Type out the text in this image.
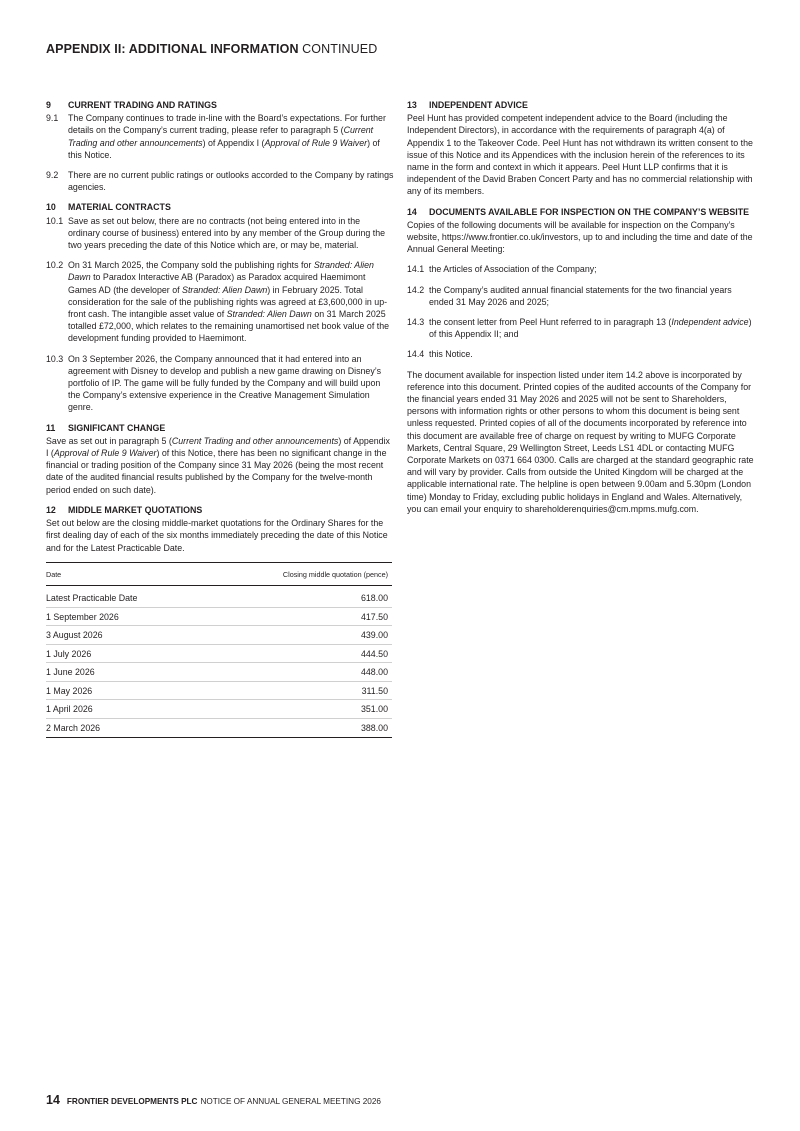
APPENDIX II: ADDITIONAL INFORMATION CONTINUED
9	CURRENT TRADING AND RATINGS
9.1	The Company continues to trade in-line with the Board’s expectations. For further details on the Company’s current trading, please refer to paragraph 5 (Current Trading and other announcements) of Appendix I (Approval of Rule 9 Waiver) of this Notice.
9.2	There are no current public ratings or outlooks accorded to the Company by ratings agencies.
10	MATERIAL CONTRACTS
10.1 Save as set out below, there are no contracts (not being entered into in the ordinary course of business) entered into by any member of the Group during the two years preceding the date of this Notice which are, or may be, material.
10.2 On 31 March 2025, the Company sold the publishing rights for Stranded: Alien Dawn to Paradox Interactive AB (Paradox) as Paradox acquired Haemimont Games AD (the developer of Stranded: Alien Dawn) in February 2025. Total consideration for the sale of the publishing rights was agreed at £3,600,000 in up-front cash. The intangible asset value of Stranded: Alien Dawn on 31 March 2025 totalled £72,000, which relates to the remaining unamortised net book value of the development funding provided to Haemimont.
10.3 On 3 September 2026, the Company announced that it had entered into an agreement with Disney to develop and publish a new game drawing on Disney’s portfolio of IP. The game will be fully funded by the Company and will build upon the Company’s extensive experience in the Creative Management Simulation genre.
11	SIGNIFICANT CHANGE
Save as set out in paragraph 5 (Current Trading and other announcements) of Appendix I (Approval of Rule 9 Waiver) of this Notice, there has been no significant change in the financial or trading position of the Company since 31 May 2026 (being the most recent date of the audited financial results published by the Company for the twelve-month period ended on such date).
12	MIDDLE MARKET QUOTATIONS
Set out below are the closing middle-market quotations for the Ordinary Shares for the first dealing day of each of the six months immediately preceding the date of this Notice and for the Latest Practicable Date.
Date	Closing middle quotation (pence)
Latest Practicable Date	618.00
1 September 2026	417.50
3 August 2026	439.00
1 July 2026	444.50
1 June 2026	448.00
1 May 2026	311.50
1 April 2026	351.00
2 March 2026	388.00
13	INDEPENDENT ADVICE
Peel Hunt has provided competent independent advice to the Board (including the Independent Directors), in accordance with the requirements of paragraph 4(a) of Appendix 1 to the Takeover Code. Peel Hunt has not withdrawn its written consent to the issue of this Notice and its Appendices with the inclusion herein of the references to its name in the form and context in which it appears. Peel Hunt LLP confirms that it is independent of the David Braben Concert Party and has no commercial relationship with any of its members.
14	DOCUMENTS AVAILABLE FOR INSPECTION ON THE COMPANY’S WEBSITE
Copies of the following documents will be available for inspection on the Company’s website, https://www.frontier.co.uk/investors, up to and including the time and date of the Annual General Meeting:
14.1 the Articles of Association of the Company;
14.2 the Company’s audited annual financial statements for the two financial years ended 31 May 2026 and 2025;
14.3 the consent letter from Peel Hunt referred to in paragraph 13 (Independent advice) of this Appendix II; and
14.4 this Notice.
The document available for inspection listed under item 14.2 above is incorporated by reference into this document. Printed copies of the audited accounts of the Company for the financial years ended 31 May 2026 and 2025 will not be sent to Shareholders, persons with information rights or other persons to whom this document is being sent unless requested. Printed copies of all of the documents incorporated by reference into this document are available free of charge on request by writing to MUFG Corporate Markets, Central Square, 29 Wellington Street, Leeds LS1 4DL or contacting MUFG Corporate Markets on 0371 664 0300. Calls are charged at the standard geographic rate and will vary by provider. Calls from outside the United Kingdom will be charged at the applicable international rate. The helpline is open between 9.00am and 5.30pm (London time) Monday to Friday, excluding public holidays in England and Wales. Alternatively, you can email your enquiry to shareholderenquiries@cm.mpms.mufg.com.
14 FRONTIER DEVELOPMENTS PLC NOTICE OF ANNUAL GENERAL MEETING 2026
